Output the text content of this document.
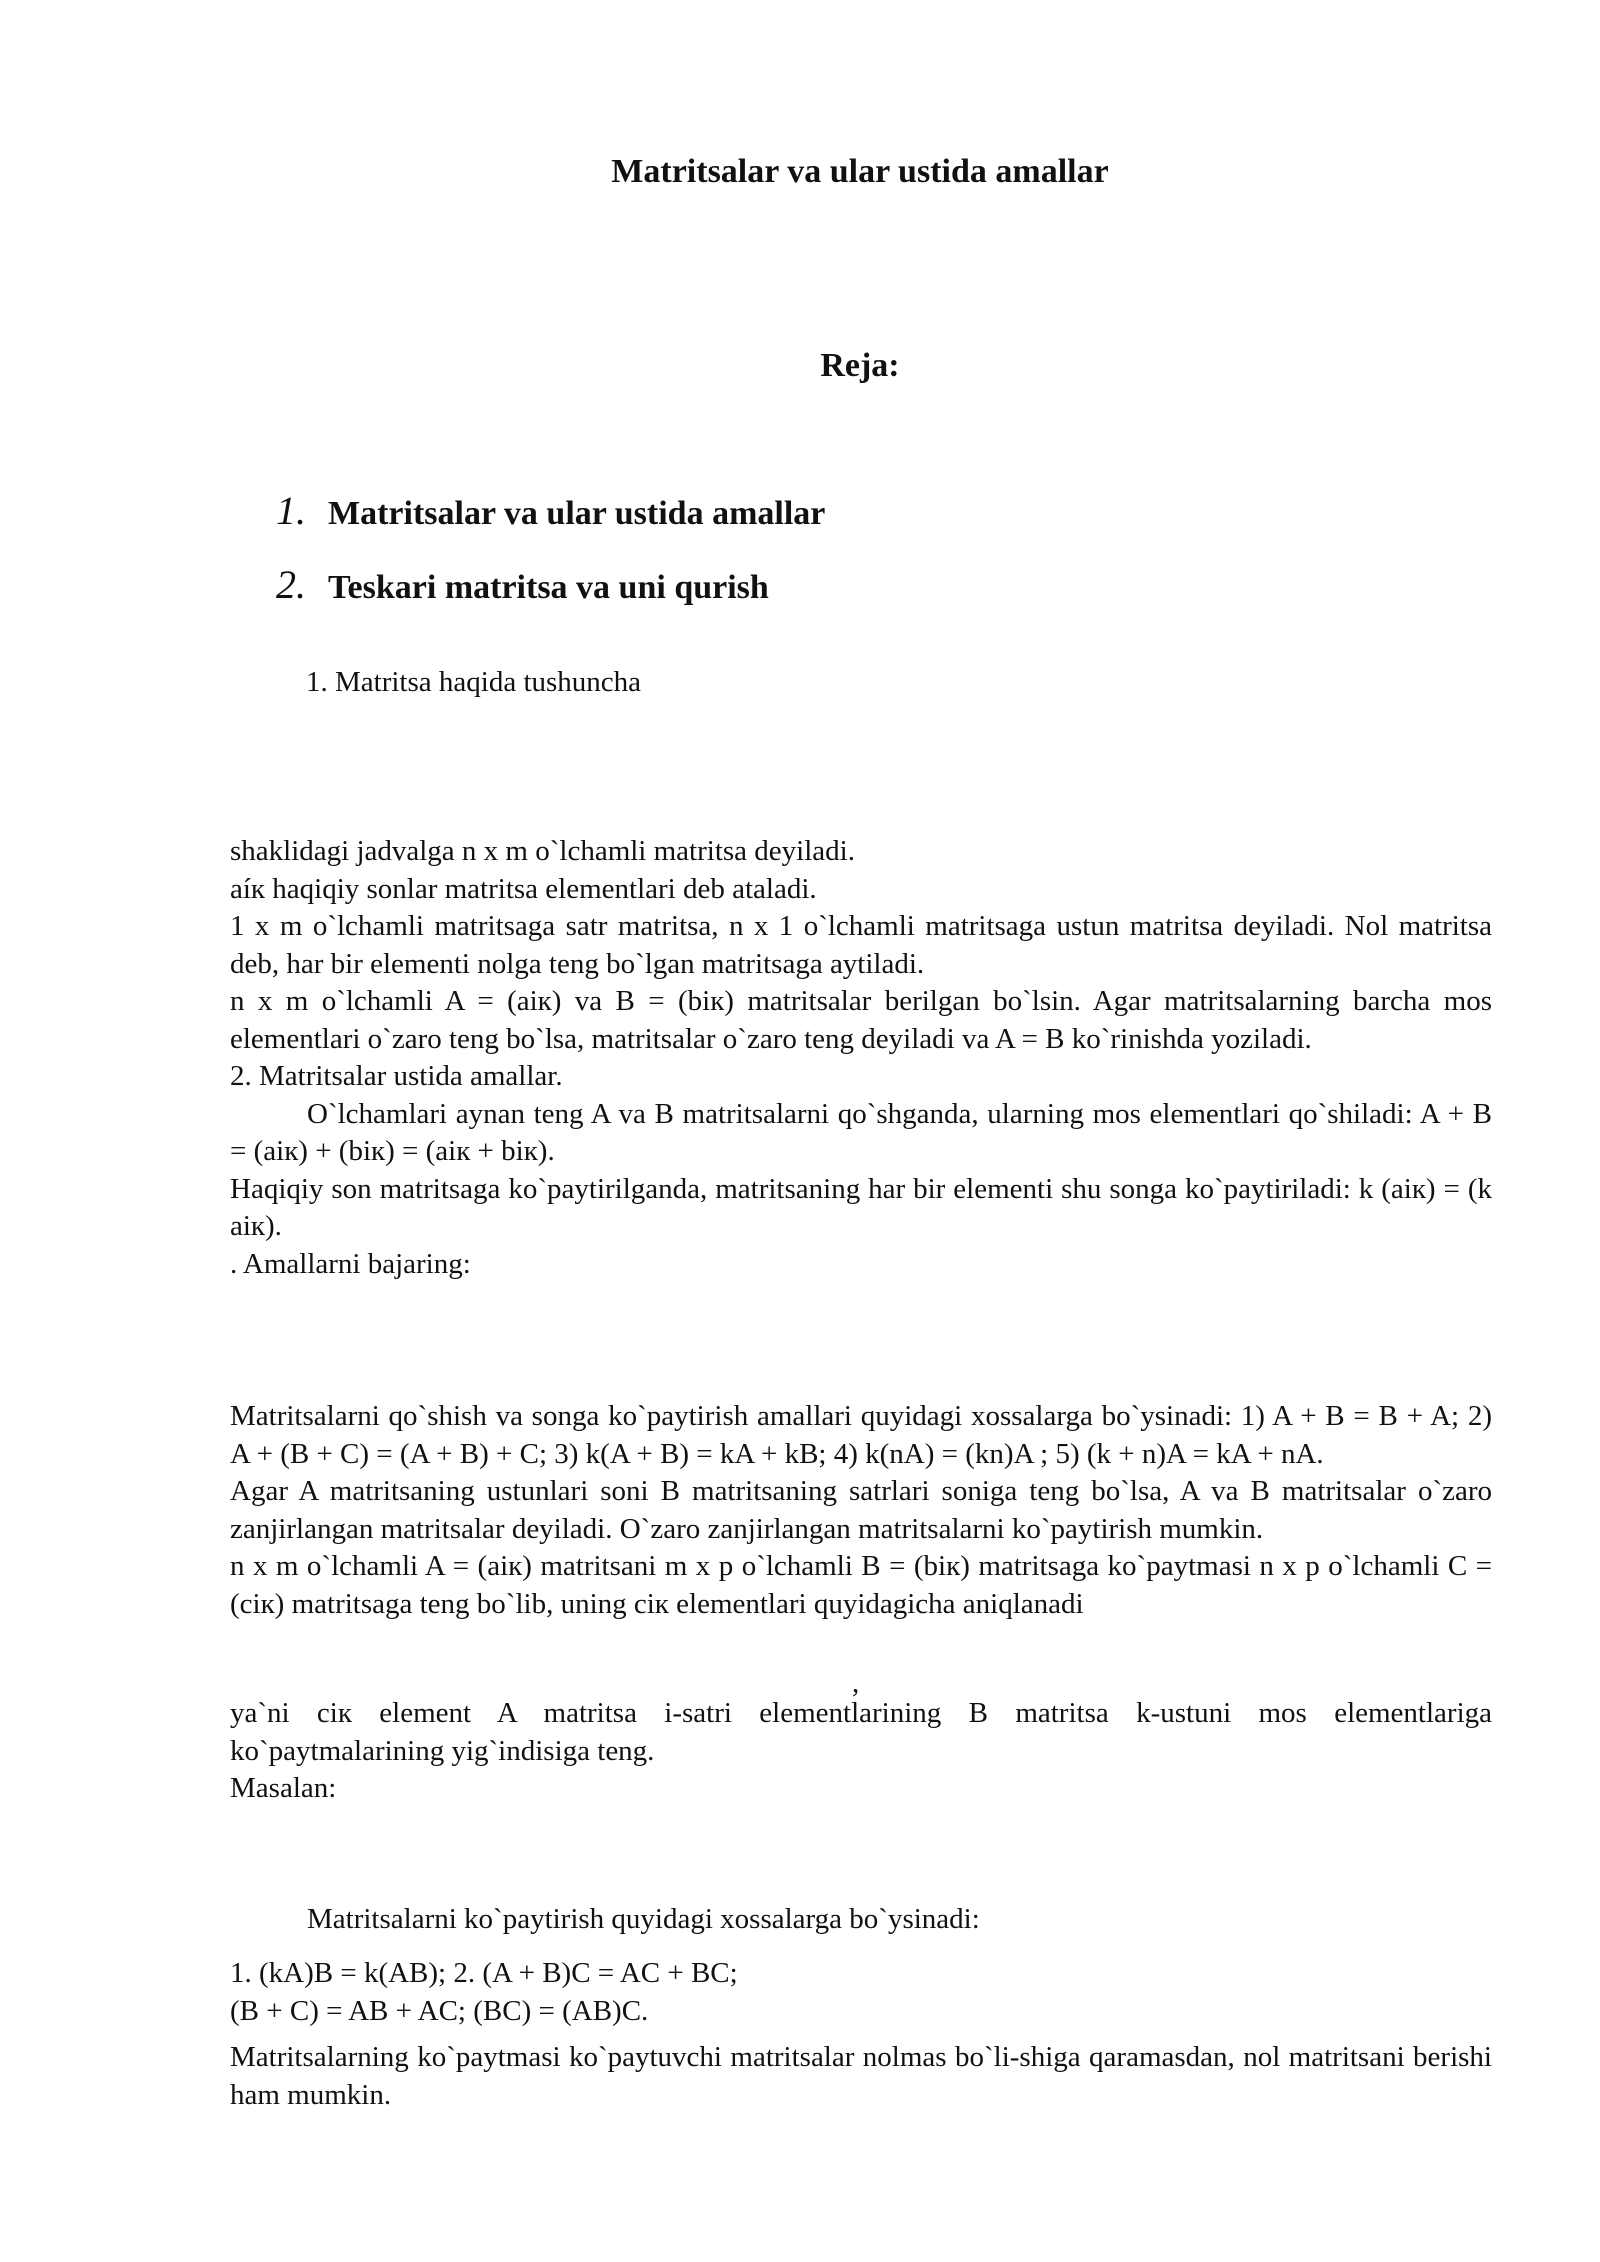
Matritsalar va ular ustida amallar
Reja:
1. Matritsalar va ular ustida amallar
2. Teskari matritsa va uni qurish
1. Matritsa haqida tushuncha

shaklidagi jadvalga n x m o`lchamli matritsa deyiladi.

aíк haqiqiy sonlar matritsa elementlari deb ataladi.

1 x m o`lchamli matritsaga satr matritsa, n x 1 o`lchamli matritsaga ustun matritsa deyiladi. Nol matritsa deb, har bir elementi nolga teng bo`lgan matritsaga aytiladi.

n x m o`lchamli A = (aiк) va B = (biк) matritsalar berilgan bo`lsin. Agar matritsalarning barcha mos elementlari o`zaro teng bo`lsa, matritsalar o`zaro teng deyiladi va A = B ko`rinishda yoziladi.

2. Matritsalar ustida amallar.

O`lchamlari aynan teng A va B matritsalarni qo`shganda, ularning mos elementlari qo`shiladi: A + B = (aiк) + (biк) = (aiк + biк).

Haqiqiy son matritsaga ko`paytirilganda, matritsaning har bir elementi shu songa ko`paytiriladi: k (aiк) = (k aiк).

. Amallarni bajaring:

Matritsalarni qo`shish va songa ko`paytirish amallari quyidagi xossalarga bo`ysinadi: 1) A + B = B + A; 2) A + (B + C) = (A + B) + C; 3) k(A + B) = kA + kB; 4) k(nA) = (kn)A ; 5) (k + n)A = kA + nA.

Agar A matritsaning ustunlari soni B matritsaning satrlari soniga teng bo`lsa, A va B matritsalar o`zaro zanjirlangan matritsalar deyiladi. O`zaro zanjirlangan matritsalarni ko`paytirish mumkin.

n x m o`lchamli A = (aiк) matritsani m x p o`lchamli B = (biк) matritsaga ko`paytmasi n x p o`lchamli C = (ciк) matritsaga teng bo`lib, uning ciк elementlari quyidagicha aniqlanadi

,

ya`ni ciк element A matritsa i-satri elementlarining B matritsa k-ustuni mos elementlariga ko`paytmalarining yig`indisiga teng.

Masalan:

Matritsalarni ko`paytirish quyidagi xossalarga bo`ysinadi:

1. (kA)B = k(AB); 2. (A + B)C = AC + BC;

(B + C) = AB + AC; (BC) = (AB)C.

Matritsalarning ko`paytmasi ko`paytuvchi matritsalar nolmas bo`li-shiga qaramasdan, nol matritsani berishi ham mumkin.
